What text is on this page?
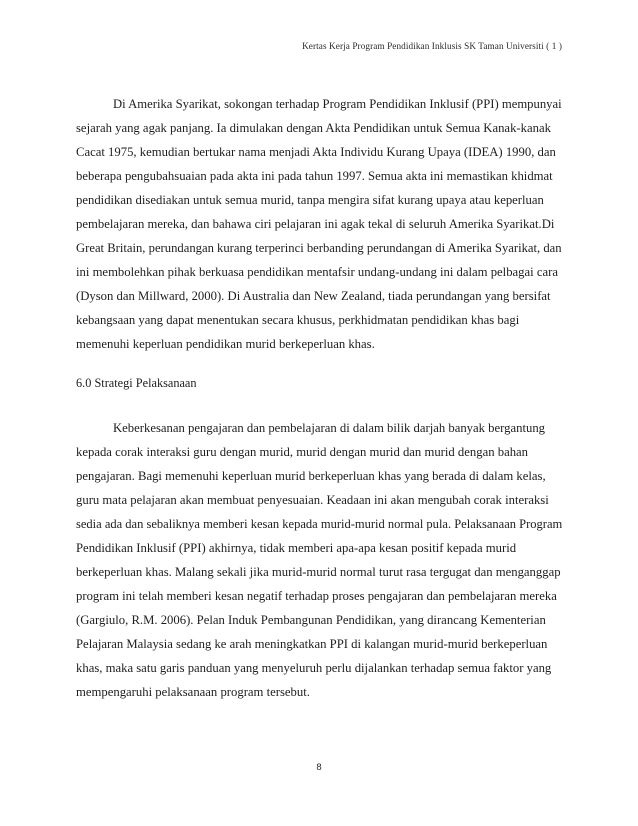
Kertas Kerja Program Pendidikan Inklusis SK Taman Universiti ( 1 )
Di Amerika Syarikat, sokongan terhadap Program Pendidikan Inklusif (PPI) mempunyai
sejarah yang agak panjang. Ia dimulakan dengan Akta Pendidikan untuk Semua Kanak-kanak
Cacat 1975, kemudian bertukar nama menjadi Akta Individu Kurang Upaya (IDEA) 1990, dan
beberapa pengubahsuaian pada akta ini pada tahun 1997. Semua akta ini memastikan khidmat
pendidikan disediakan untuk semua murid, tanpa mengira sifat kurang upaya atau keperluan
pembelajaran mereka, dan bahawa ciri pelajaran ini agak tekal di seluruh Amerika Syarikat.Di
Great Britain, perundangan kurang terperinci berbanding perundangan di Amerika Syarikat, dan
ini membolehkan pihak berkuasa pendidikan mentafsir undang-undang ini dalam pelbagai cara
(Dyson dan Millward, 2000). Di Australia dan New Zealand, tiada perundangan yang bersifat
kebangsaan yang dapat menentukan secara khusus, perkhidmatan pendidikan khas bagi
memenuhi keperluan pendidikan murid berkeperluan khas.
6.0 Strategi Pelaksanaan
Keberkesanan pengajaran dan pembelajaran di dalam bilik darjah banyak bergantung
kepada corak interaksi guru dengan murid, murid dengan murid dan murid dengan bahan
pengajaran. Bagi memenuhi keperluan murid berkeperluan khas yang berada di dalam kelas,
guru mata pelajaran akan membuat penyesuaian. Keadaan ini akan mengubah corak interaksi
sedia ada dan sebaliknya memberi kesan kepada murid-murid normal pula. Pelaksanaan Program
Pendidikan Inklusif (PPI) akhirnya, tidak memberi apa-apa kesan positif kepada murid
berkeperluan khas. Malang sekali jika murid-murid normal turut rasa tergugat dan menganggap
program ini telah memberi kesan negatif terhadap proses pengajaran dan pembelajaran mereka
(Gargiulo, R.M. 2006). Pelan Induk Pembangunan Pendidikan, yang dirancang Kementerian
Pelajaran Malaysia sedang ke arah meningkatkan PPI di kalangan murid-murid berkeperluan
khas, maka satu garis panduan yang menyeluruh perlu dijalankan terhadap semua faktor yang
mempengaruhi pelaksanaan program tersebut.
8
